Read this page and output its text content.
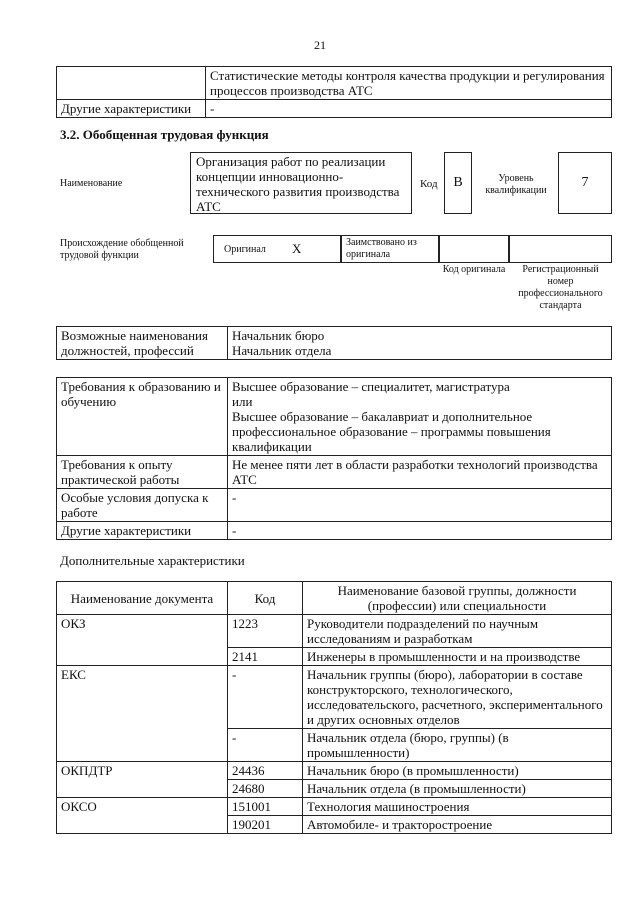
21
	Статистические методы контроля качества продукции и регулирования процессов производства АТС
Другие характеристики	-
3.2. Обобщенная трудовая функция
Наименование
Организация работ по реализации концепции инновационно-технического развития производства АТС
Код	B	Уровень квалификации
7
Происхождение обобщенной трудовой функции
Оригинал X	Заимствовано из оригинала
Код оригинала	Регистрационный номер профессионального стандарта
Возможные наименования должностей, профессий	
Начальник бюро
Начальник отдела
Требования к образованию и обучению	Высшее образование – специалитет, магистратура
или
Высшее образование – бакалавриат и дополнительное профессиональное образование – программы повышения квалификации

Требования к опыту практической работы	Не менее пяти лет в области разработки технологий производства АТС
Особые условия допуска к работе	-
Другие характеристики	-
Дополнительные характеристики
Наименование документа	Код	Наименование базовой группы, должности (профессии) или специальности
ОКЗ	1223	Руководители подразделений по научным исследованиям и разработкам
	2141	Инженеры в промышленности и на производстве
ЕКС	-	Начальник группы (бюро), лаборатории в составе конструкторского, технологического, исследовательского, расчетного, экспериментального и других основных отделов
	-	Начальник отдела (бюро, группы) (в промышленности)
ОКПДТР	24436	Начальник бюро (в промышленности)
	24680	Начальник отдела (в промышленности)
ОКСО	151001	Технология машиностроения
	190201	Автомобиле- и тракторостроение
